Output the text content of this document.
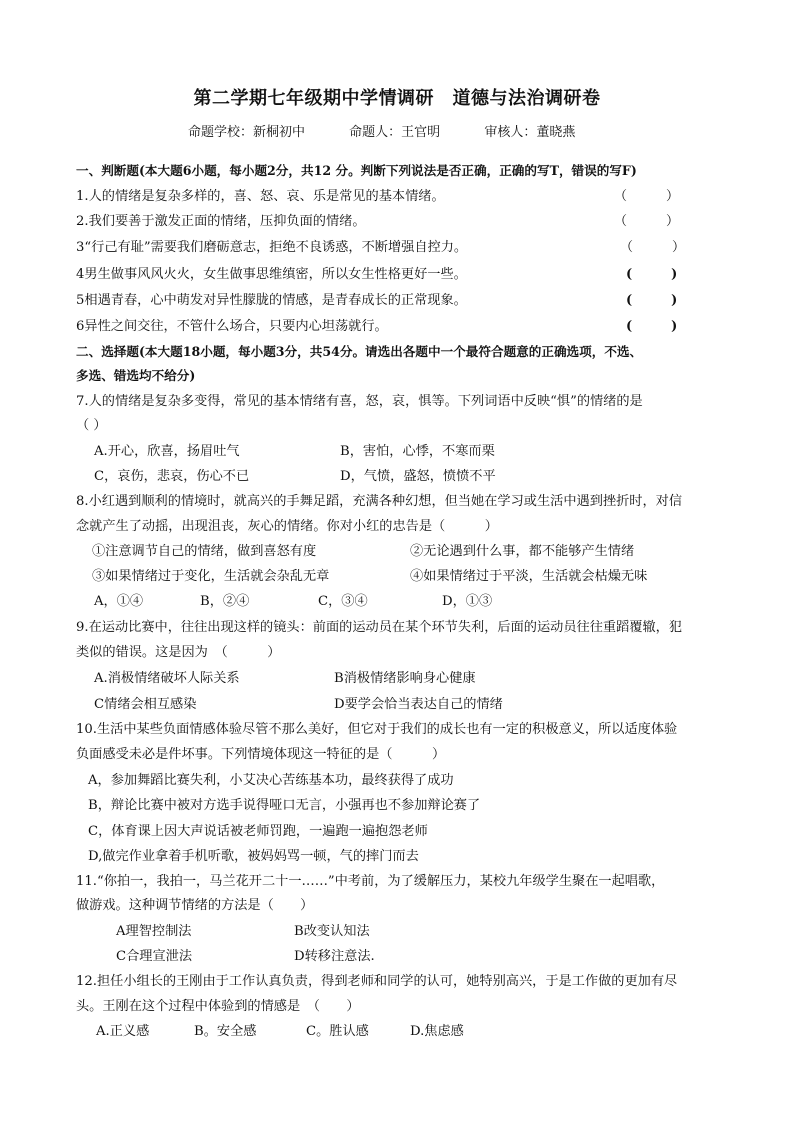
第二学期七年级期中学情调研　道德与法治调研卷
命题学校：新桐初中	命题人：王官明	审核人：董晓燕
一、判断题(本大题6小题，每小题2分，共12 分。判断下列说法是否正确，正确的写T，错误的写F)
1.人的情绪是复杂多样的，喜、怒、哀、乐是常见的基本情绪。	（　　　）
2.我们要善于激发正面的情绪，压抑负面的情绪。	（　　　）
3“行己有耻”需要我们磨砺意志，拒绝不良诱惑，不断增强自控力。	（　　　）
4男生做事风风火火，女生做事思维缜密，所以女生性格更好一些。	(　　　)
5相遇青春，心中萌发对异性朦胧的情感，是青春成长的正常现象。	(　　　)
6异性之间交往，不管什么场合，只要内心坦荡就行。	(　　　)
二、选择题(本大题18小题，每小题3分，共54分。请选出各题中一个最符合题意的正确选项，不选、
多选、错选均不给分)
7.人的情绪是复杂多变得，常见的基本情绪有喜，怒，哀，惧等。下列词语中反映“惧”的情绪的是
（ ）
A.开心，欣喜，扬眉吐气	B，害怕，心悸，不寒而栗
C，哀伤，悲哀，伤心不已	D，气愤，盛怒，愤愤不平
8.小红遇到顺利的情境时，就高兴的手舞足蹈，充满各种幻想，但当她在学习或生活中遇到挫折时，对信
念就产生了动摇，出现沮丧，灰心的情绪。你对小红的忠告是（　　　）
①注意调节自己的情绪，做到喜怒有度	②无论遇到什么事，都不能够产生情绪
③如果情绪过于变化，生活就会杂乱无章	④如果情绪过于平淡，生活就会枯燥无味
A，①④	B，②④	C，③④	D，①③
9.在运动比赛中，往往出现这样的镜头：前面的运动员在某个环节失利，后面的运动员往往重蹈覆辙，犯
类似的错误。这是因为　（　　　）
A.消极情绪破坏人际关系	B消极情绪影响身心健康
C情绪会相互感染	D要学会恰当表达自己的情绪
10.生活中某些负面情感体验尽管不那么美好，但它对于我们的成长也有一定的积极意义，所以适度体验
负面感受未必是件坏事。下列情境体现这一特征的是（　　　）
A，参加舞蹈比赛失利，小艾决心苦练基本功，最终获得了成功
B，辩论比赛中被对方选手说得哑口无言，小强再也不参加辩论赛了
C，体育课上因大声说话被老师罚跑，一遍跑一遍抱怨老师
D,做完作业拿着手机听歌，被妈妈骂一顿，气的摔门而去
11.“你拍一，我拍一，马兰花开二十一……”中考前，为了缓解压力，某校九年级学生聚在一起唱歌，
做游戏。这种调节情绪的方法是（　　）
A理智控制法	B改变认知法
C合理宣泄法	D转移注意法.
12.担任小组长的王刚由于工作认真负责，得到老师和同学的认可，她特别高兴，于是工作做的更加有尽
头。王刚在这个过程中体验到的情感是　（　　）
A.正义感	B。安全感	C。胜认感	D.焦虑感
